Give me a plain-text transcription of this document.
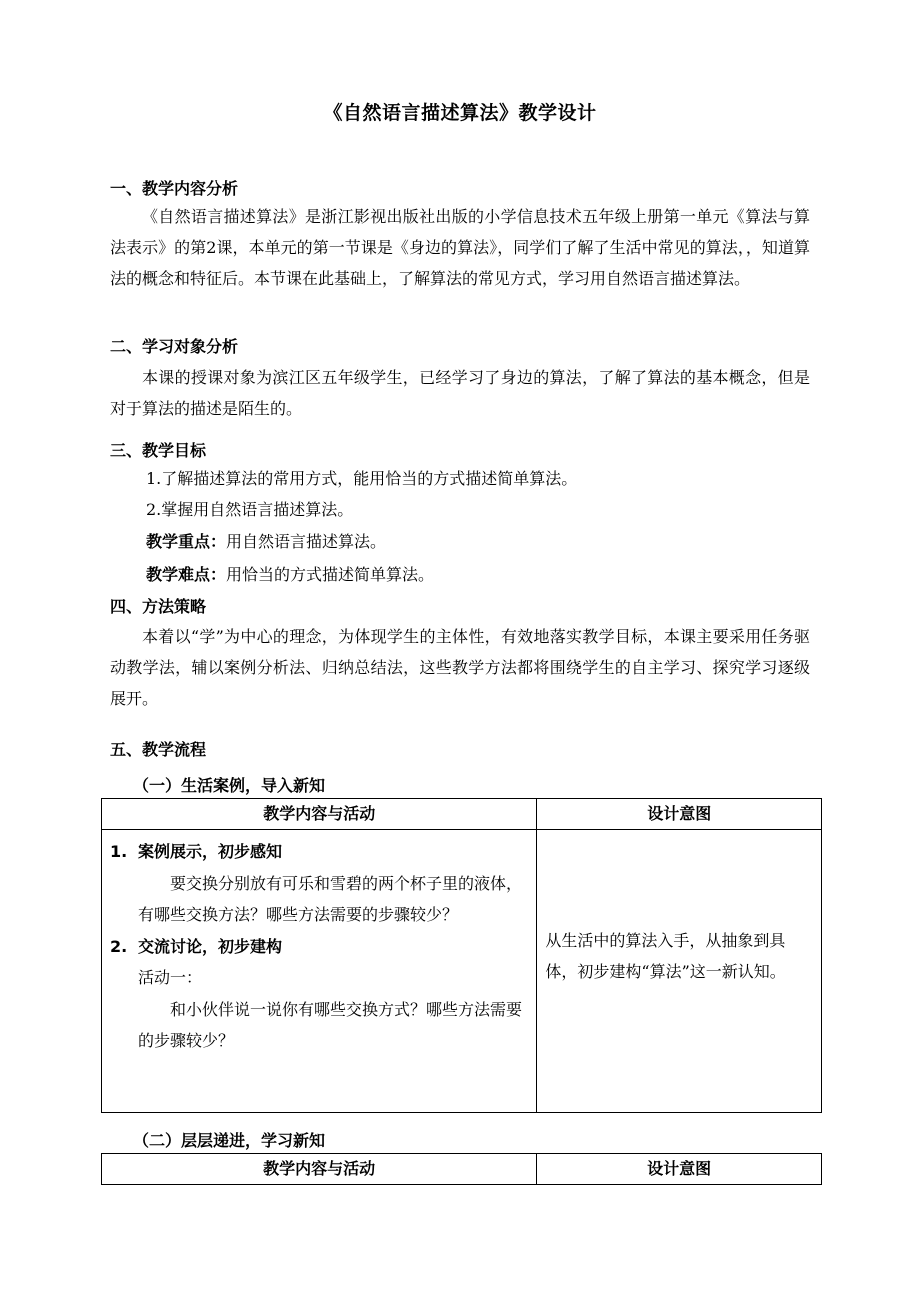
《自然语言描述算法》教学设计
一、教学内容分析
《自然语言描述算法》是浙江影视出版社出版的小学信息技术五年级上册第一单元《算法与算法表示》的第2课，本单元的第一节课是《身边的算法》，同学们了解了生活中常见的算法，，知道算法的概念和特征后。本节课在此基础上，了解算法的常见方式，学习用自然语言描述算法。
二、学习对象分析
本课的授课对象为滨江区五年级学生，已经学习了身边的算法，了解了算法的基本概念，但是对于算法的描述是陌生的。
三、教学目标
1.了解描述算法的常用方式，能用恰当的方式描述简单算法。
2.掌握用自然语言描述算法。
教学重点：用自然语言描述算法。
教学难点：用恰当的方式描述简单算法。
四、方法策略
本着以“学”为中心的理念，为体现学生的主体性，有效地落实教学目标，本课主要采用任务驱动教学法，辅以案例分析法、归纳总结法，这些教学方法都将围绕学生的自主学习、探究学习逐级展开。
五、教学流程
（一）生活案例，导入新知
教学内容与活动	设计意图

1. 案例展示，初步感知
要交换分别放有可乐和雪碧的两个杯子里的液体，有哪些交换方法？哪些方法需要的步骤较少？
2. 交流讨论，初步建构
活动一：
和小伙伴说一说你有哪些交换方式？哪些方法需要的步骤较少？	从生活中的算法入手，从抽象到具体，初步建构“算法”这一新认知。
（二）层层递进，学习新知
教学内容与活动	设计意图
